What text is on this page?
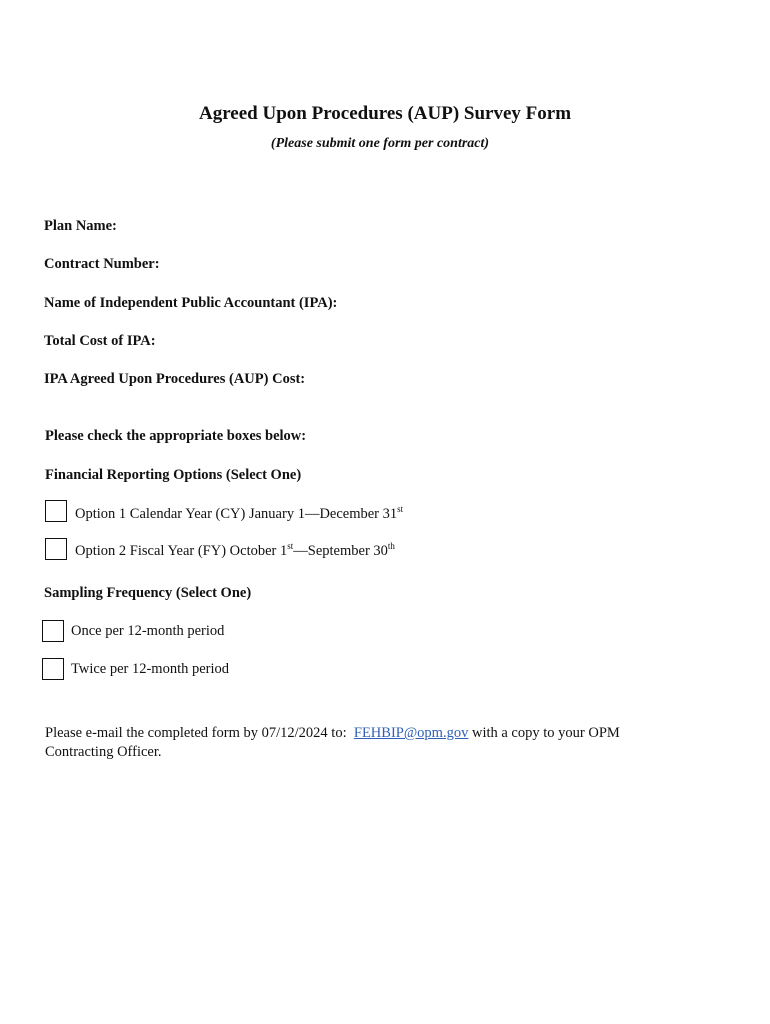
Agreed Upon Procedures (AUP) Survey Form
(Please submit one form per contract)
Plan Name:
Contract Number:
Name of Independent Public Accountant (IPA):
Total Cost of IPA:
IPA Agreed Upon Procedures (AUP) Cost:
Please check the appropriate boxes below:
Financial Reporting Options (Select One)
Option 1 Calendar Year (CY) January 1—December 31st
Option 2 Fiscal Year (FY) October 1st—September 30th
Sampling Frequency (Select One)
Once per 12-month period
Twice per 12-month period
Please e-mail the completed form by 07/12/2024 to: FEHBIP@opm.gov with a copy to your OPM Contracting Officer.
